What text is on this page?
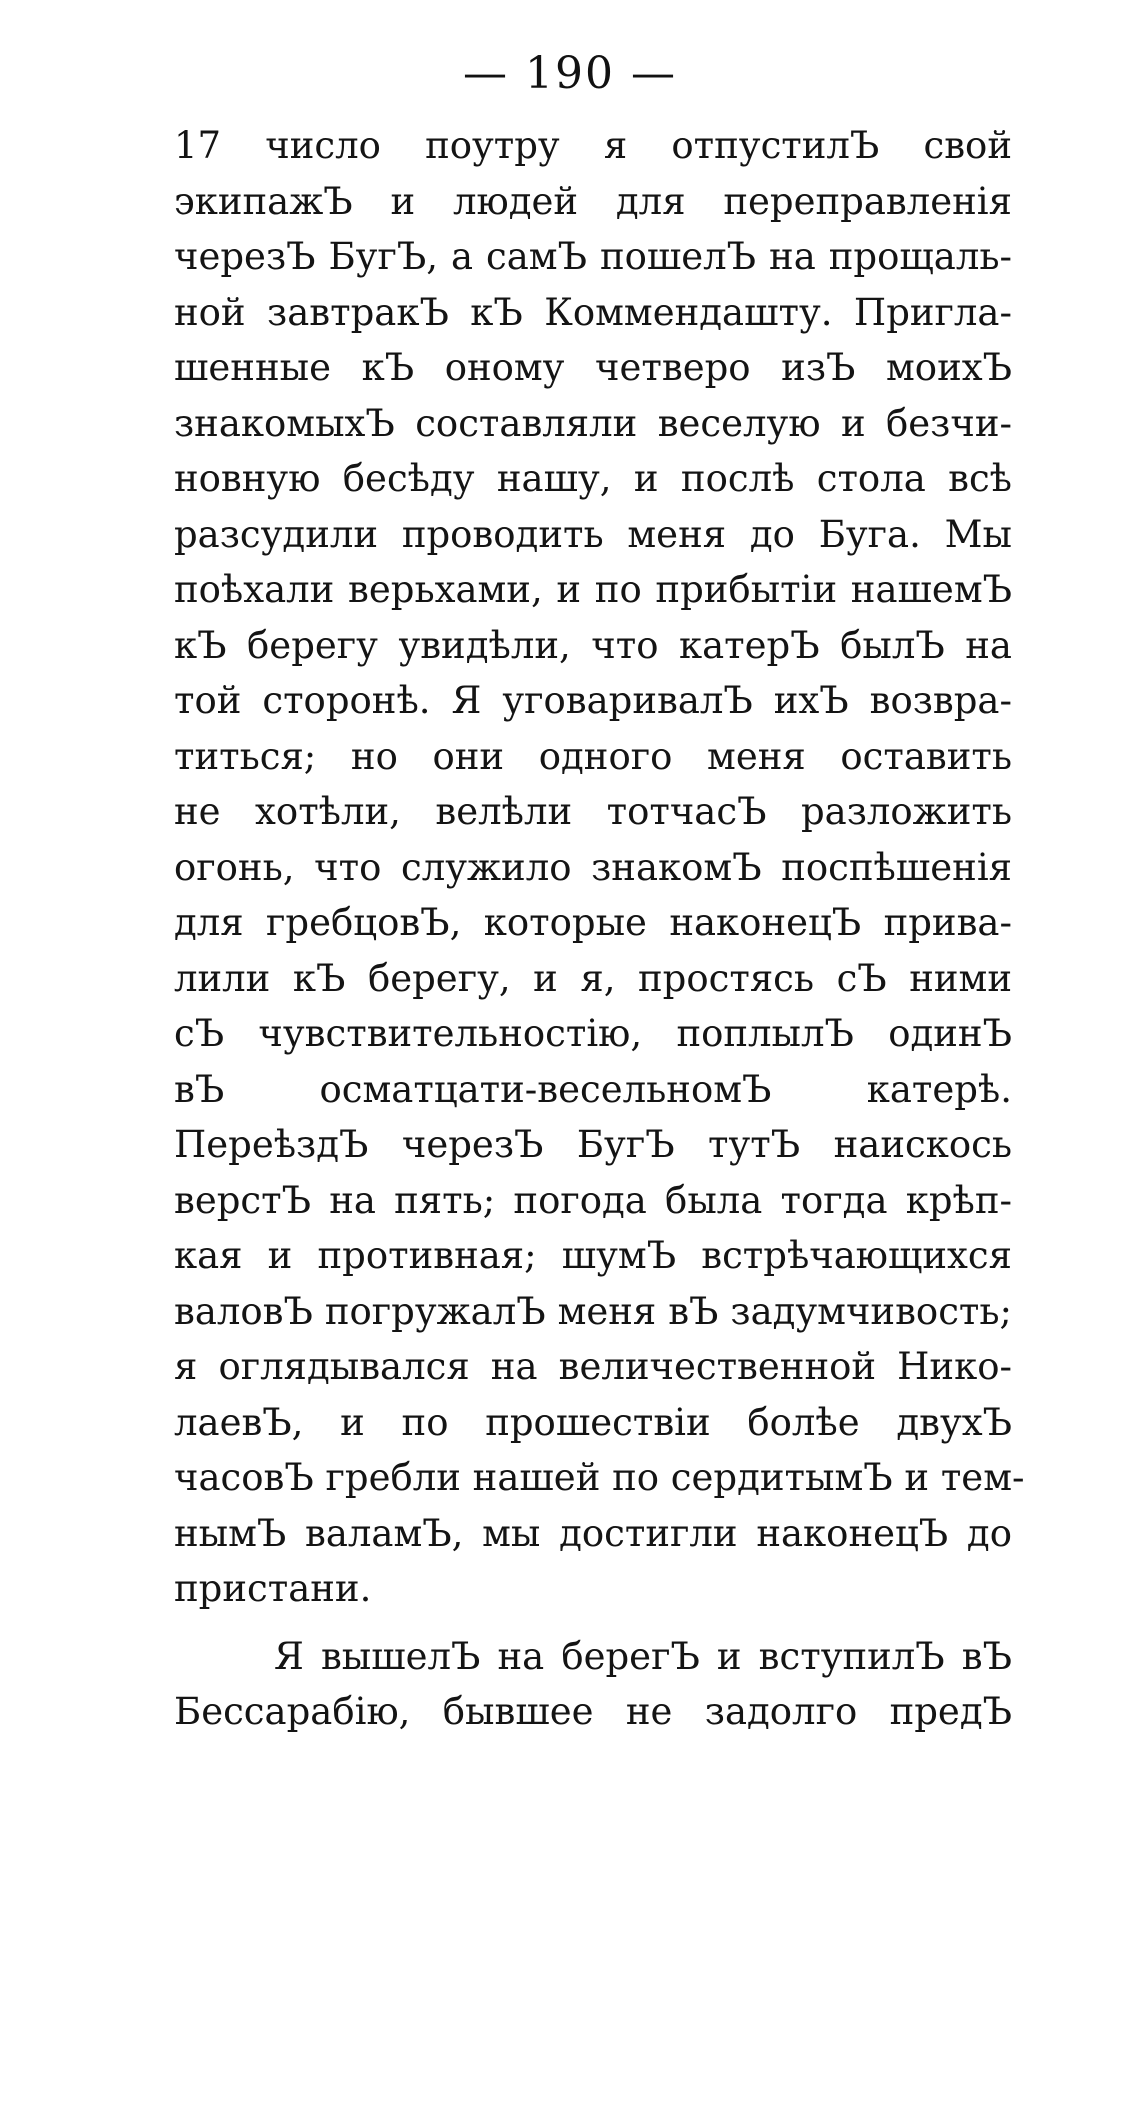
— 190 —
17 число поутру я отпустилЪ свой
экипажЪ и людей для переправленія
черезЪ БугЪ, а самЪ пошелЪ на прощаль-
ной завтракЪ кЪ Коммендашту. Пригла-
шенные кЪ оному четверо изЪ моихЪ
знакомыхЪ составляли веселую и безчи-
новную бесѣду нашу, и послѣ стола всѣ
разсудили проводить меня до Буга. Мы
поѣхали верьхами, и по прибытіи нашемЪ
кЪ берегу увидѣли, что катерЪ былЪ на
той сторонѣ. Я уговаривалЪ ихЪ возвра-
титься; но они одного меня оставить
не хотѣли, велѣли тотчасЪ разложить
огонь, что служило знакомЪ поспѣшенія
для гребцовЪ, которые наконецЪ прива-
лили кЪ берегу, и я, простясь сЪ ними
сЪ чувствительностію, поплылЪ одинЪ
вЪ осматцати-весельномЪ катерѣ.
ПереѣздЪ черезЪ БугЪ тутЪ наискось
верстЪ на пять; погода была тогда крѣп-
кая и противная; шумЪ встрѣчающихся
валовЪ погружалЪ меня вЪ задумчивость;
я оглядывался на величественной Нико-
лаевЪ, и по прошествіи болѣе двухЪ
часовЪ гребли нашей по сердитымЪ и тем-
нымЪ валамЪ, мы достигли наконецЪ до
пристани.
Я вышелЪ на берегЪ и вступилЪ вЪ
Бессарабію, бывшее не задолго предЪ
